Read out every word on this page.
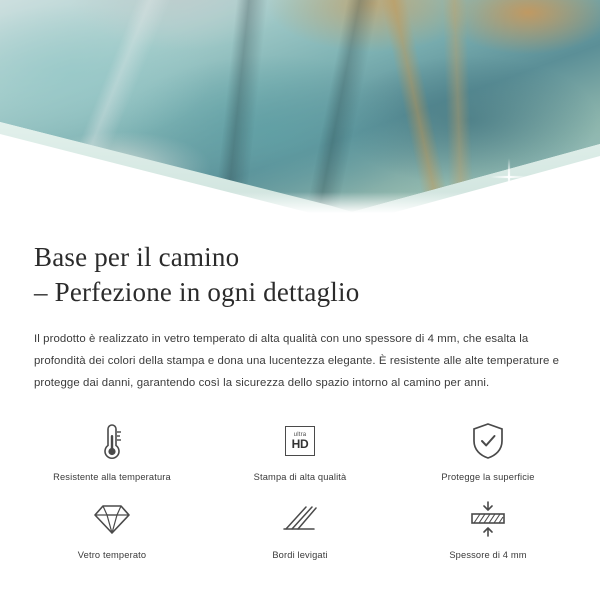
Base per il camino
– Perfezione in ogni dettaglio

Il prodotto è realizzato in vetro temperato di alta qualità con uno spessore di 4 mm, che esalta la profondità dei colori della stampa e dona una lucentezza elegante. È resistente alle alte temperature e protegge dai danni, garantendo così la sicurezza dello spazio intorno al camino per anni.

Resistente alla temperatura
ultra
HD
Stampa di alta qualità	Protegge la superficie
Vetro temperato	Bordi levigati	Spessore di 4 mm
